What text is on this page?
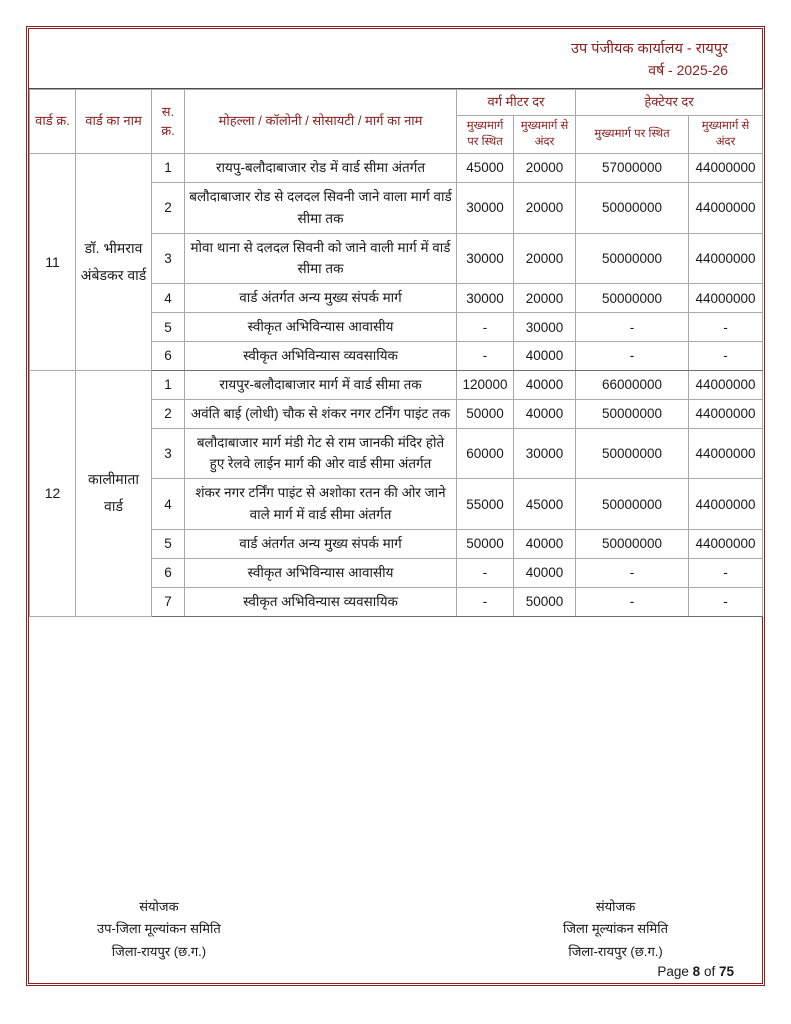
उप पंजीयक कार्यालय - रायपुर
वर्ष - 2025-26
वार्ड क्र.	वार्ड का नाम	स. क्र.	मोहल्ला / कॉलोनी / सोसायटी / मार्ग का नाम	वर्ग मीटर दर		हेक्टेयर दर	
				मुख्यमार्ग पर स्थित	मुख्यमार्ग से अंदर	मुख्यमार्ग पर स्थित	मुख्यमार्ग से अंदर
11	डॉ. भीमराव अंबेडकर वार्ड	1	रायपु-बलौदाबाजार रोड में वार्ड सीमा अंतर्गत	45000	20000	57000000	44000000
		2	बलौदाबाजार रोड से दलदल सिवनी जाने वाला मार्ग वार्ड सीमा तक	30000	20000	50000000	44000000
		3	मोवा थाना से दलदल सिवनी को जाने वाली मार्ग में वार्ड सीमा तक	30000	20000	50000000	44000000
		4	वार्ड अंतर्गत अन्य मुख्य संपर्क मार्ग	30000	20000	50000000	44000000
		5	स्वीकृत अभिविन्यास आवासीय	-	30000	-	-
		6	स्वीकृत अभिविन्यास व्यवसायिक	-	40000	-	-
12	कालीमाता वार्ड	1	रायपुर-बलौदाबाजार मार्ग में वार्ड सीमा तक	120000	40000	66000000	44000000
		2	अवंति बाई (लोधी) चौक से शंकर नगर टर्निंग पाइंट तक	50000	40000	50000000	44000000
		3	बलौदाबाजार मार्ग मंडी गेट से राम जानकी मंदिर होते हुए रेलवे लाईन मार्ग की ओर वार्ड सीमा अंतर्गत	60000	30000	50000000	44000000
		4	शंकर नगर टर्निंग पाइंट से अशोका रतन की ओर जाने वाले मार्ग में वार्ड सीमा अंतर्गत	55000	45000	50000000	44000000
		5	वार्ड अंतर्गत अन्य मुख्य संपर्क मार्ग	50000	40000	50000000	44000000
		6	स्वीकृत अभिविन्यास आवासीय	-	40000	-	-
		7	स्वीकृत अभिविन्यास व्यवसायिक	-	50000	-	-
संयोजक
उप-जिला मूल्यांकन समिति
जिला-रायपुर (छ.ग.)
संयोजक
जिला मूल्यांकन समिति
जिला-रायपुर (छ.ग.)
Page 8 of 75
